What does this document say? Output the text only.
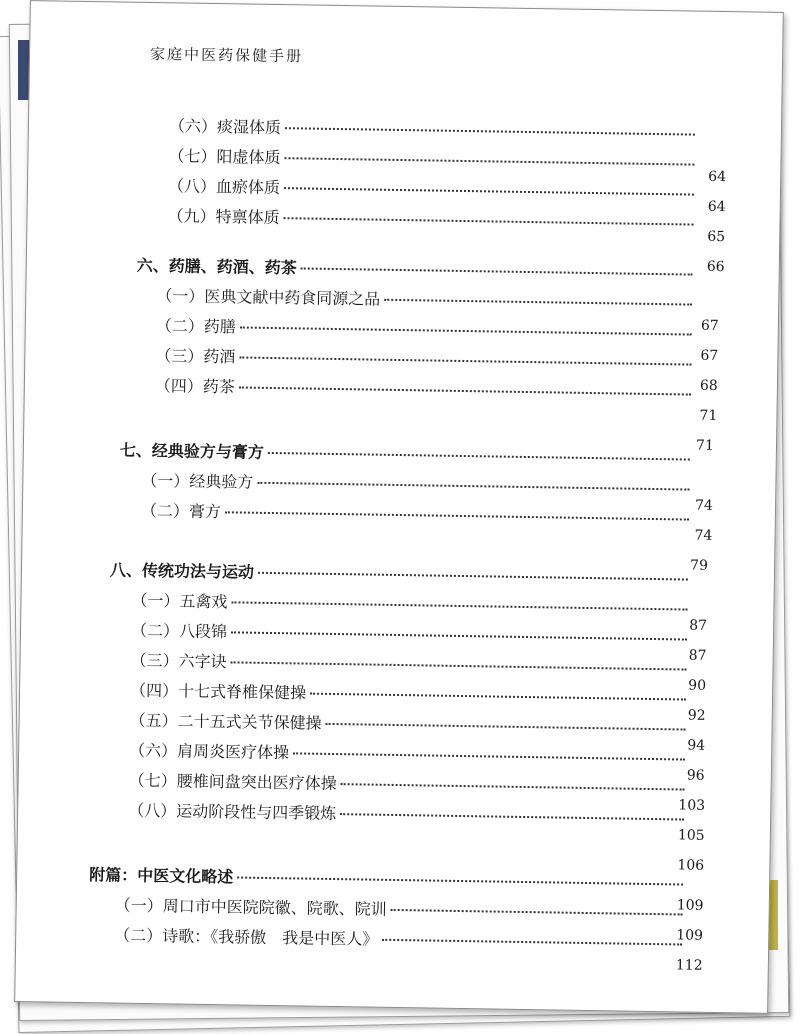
家庭中医药保健手册
（六）痰湿体质
（七）阳虚体质
（八）血瘀体质
（九）特禀体质
六、药膳、药酒、药茶
（一）医典文献中药食同源之品
（二）药膳
（三）药酒
（四）药茶
七、经典验方与膏方
（一）经典验方
（二）膏方
八、传统功法与运动
（一）五禽戏
（二）八段锦
（三）六字诀
（四）十七式脊椎保健操
（五）二十五式关节保健操
（六）肩周炎医疗体操
（七）腰椎间盘突出医疗体操
（八）运动阶段性与四季锻炼
附篇：中医文化略述
（一）周口市中医院院徽、院歌、院训
（二）诗歌：《我骄傲　我是中医人》
64
64
65
66
67
67
68
71
71
74
74
79
87
87
90
92
94
96
103
105
106
109
109
112
